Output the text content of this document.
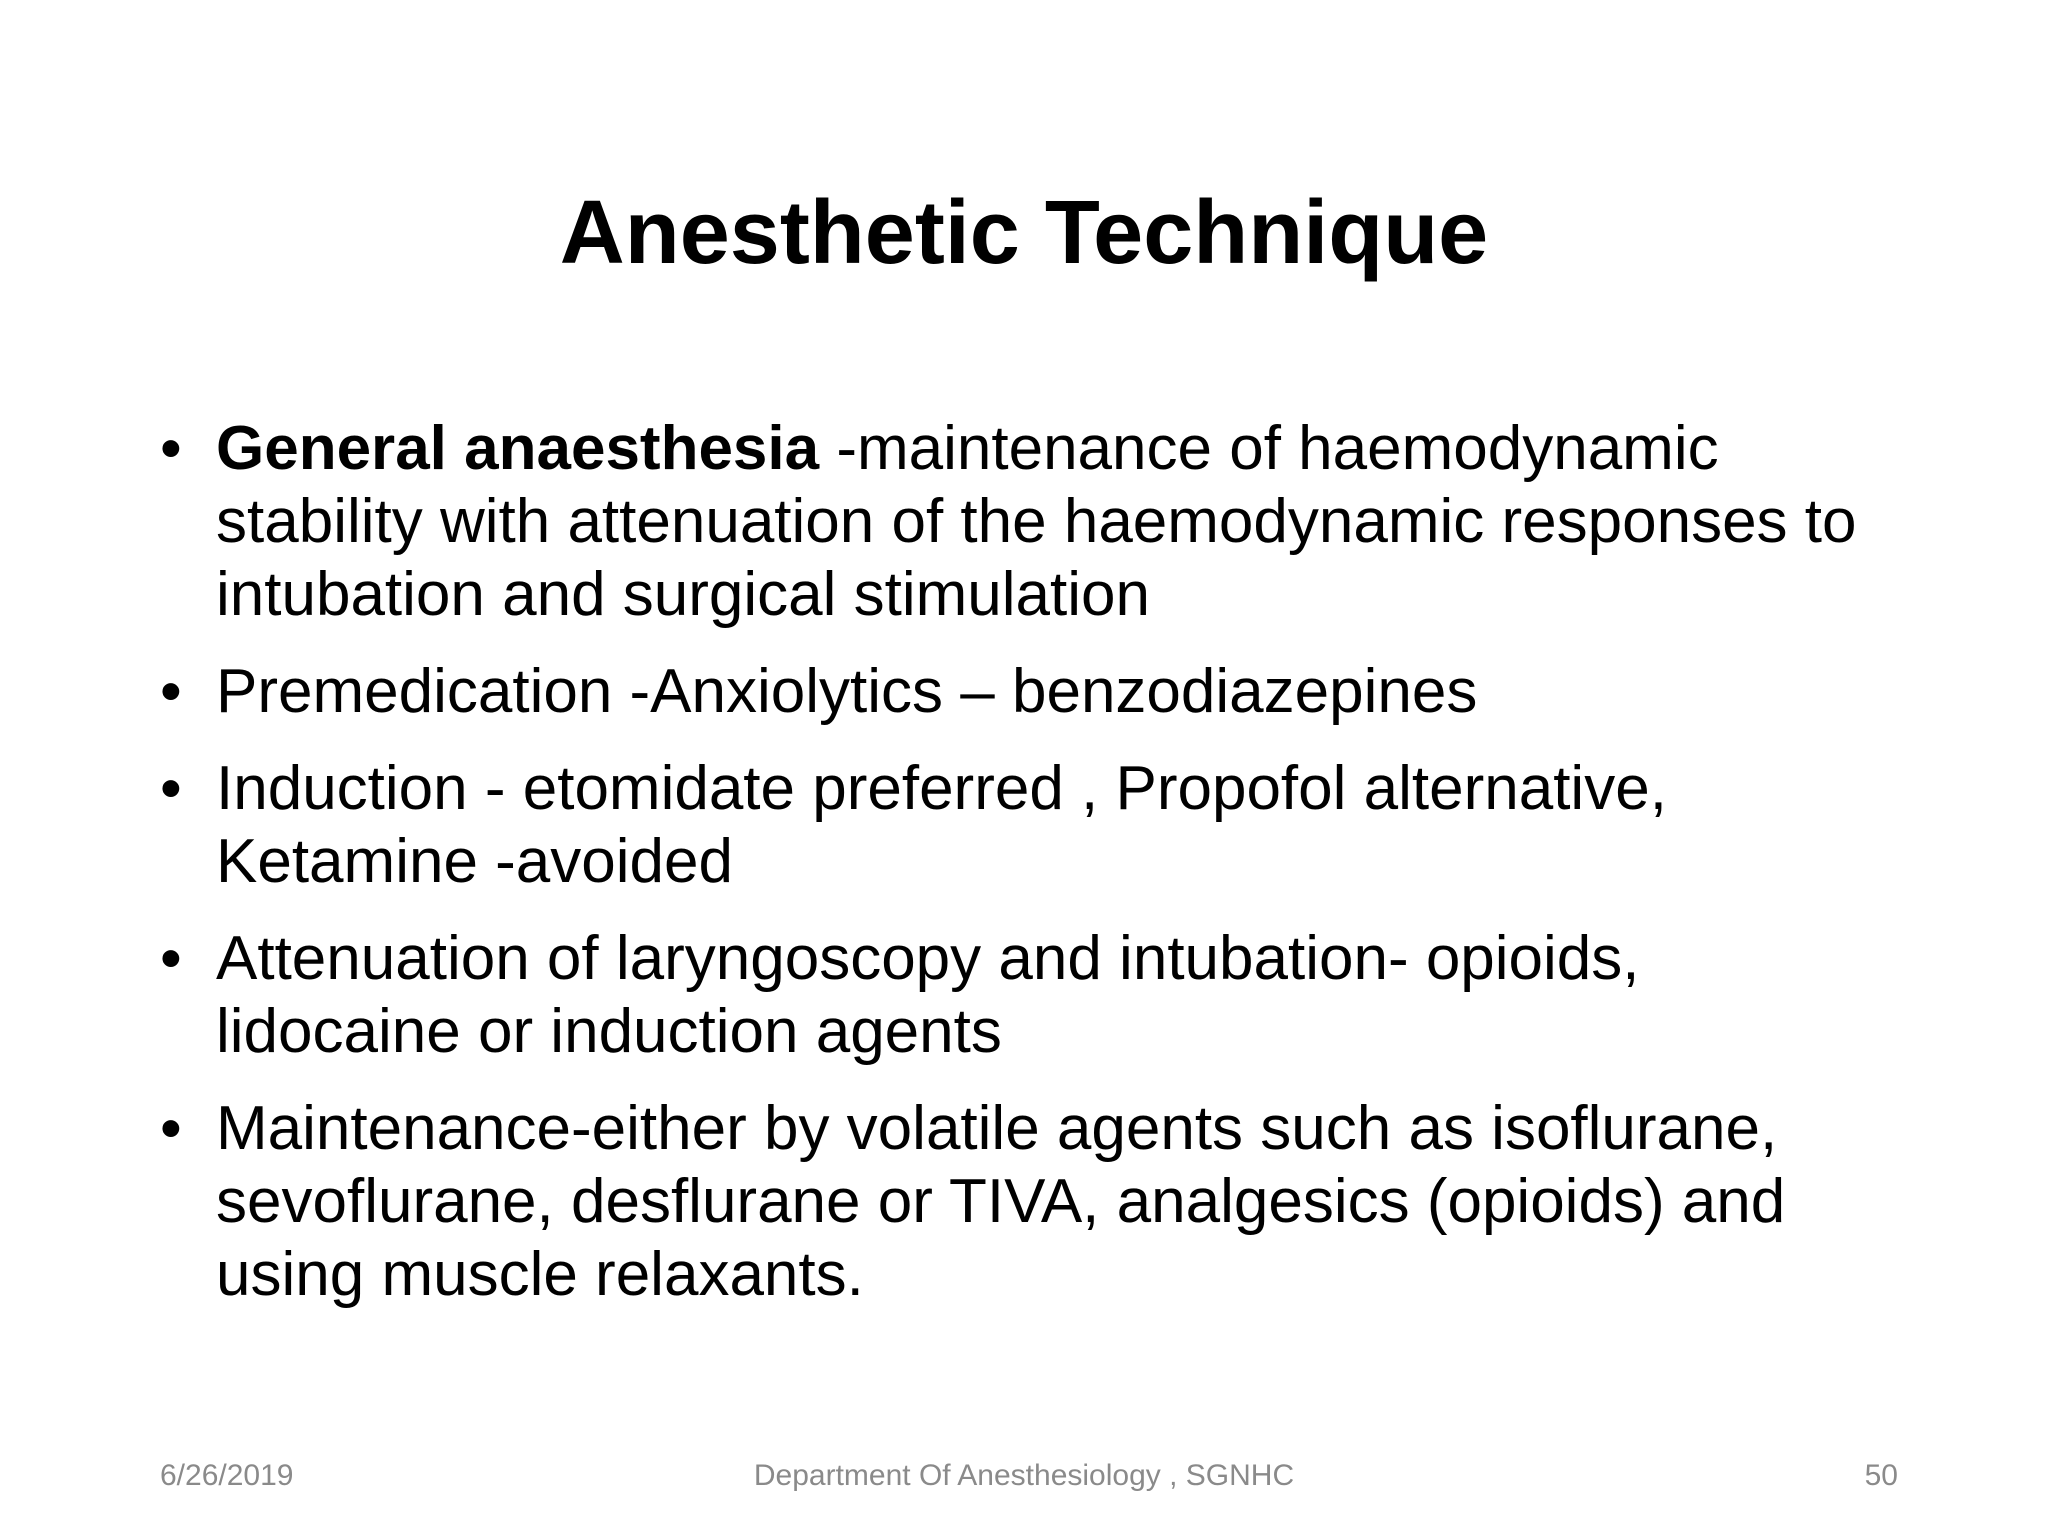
Anesthetic Technique
• General anaesthesia -maintenance of haemodynamic stability with attenuation of the haemodynamic responses to intubation and surgical stimulation
• Premedication -Anxiolytics – benzodiazepines
• Induction - etomidate preferred , Propofol alternative, Ketamine -avoided
• Attenuation of laryngoscopy and intubation- opioids, lidocaine or induction agents
• Maintenance-either by volatile agents such as isoflurane, sevoflurane, desflurane or TIVA, analgesics (opioids) and using muscle relaxants.
6/26/2019	Department Of Anesthesiology , SGNHC	50
